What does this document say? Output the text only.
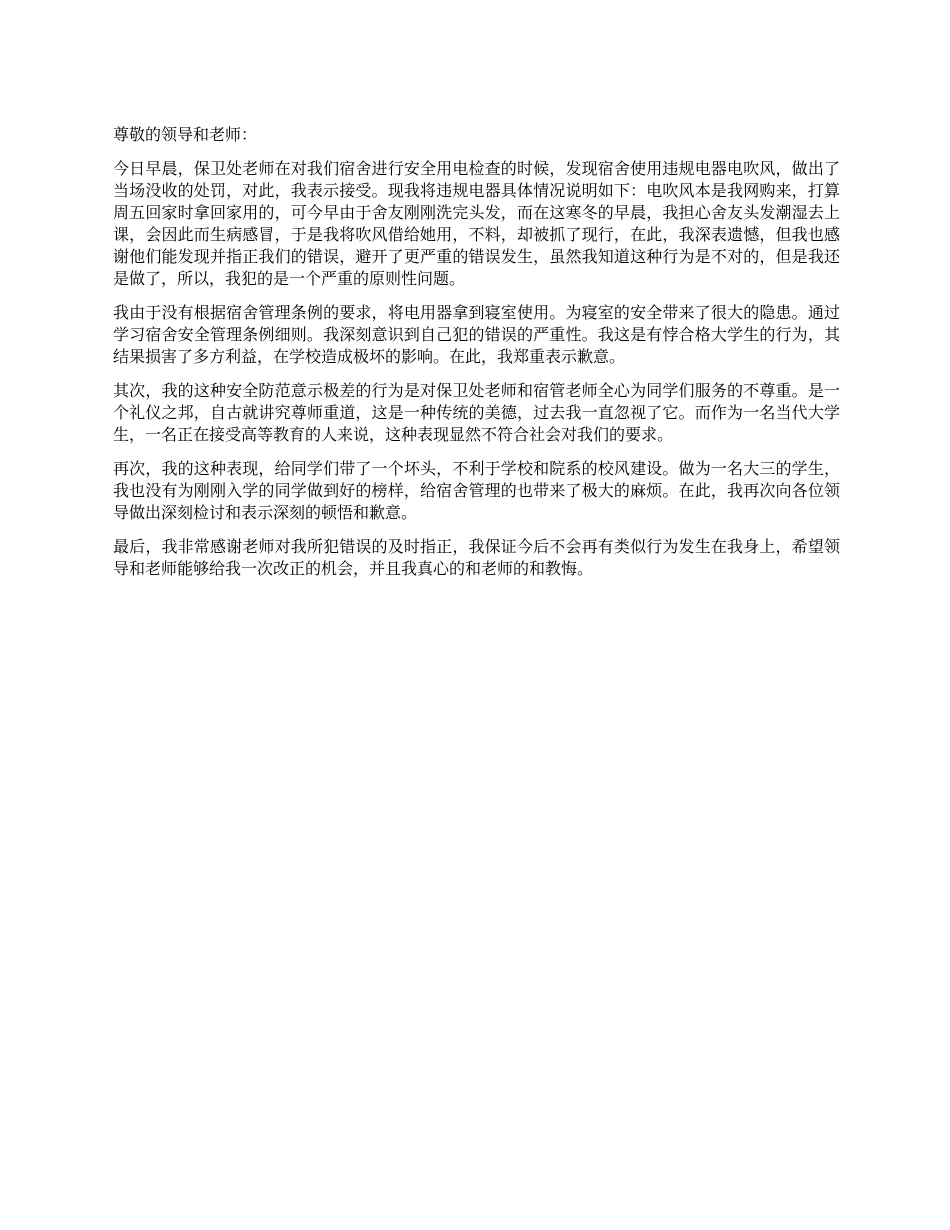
尊敬的领导和老师：

今日早晨，保卫处老师在对我们宿舍进行安全用电检查的时候，发现宿舍使用违规电器电吹风，做出了当场没收的处罚，对此，我表示接受。现我将违规电器具体情况说明如下：电吹风本是我网购来，打算周五回家时拿回家用的，可今早由于舍友刚刚洗完头发，而在这寒冬的早晨，我担心舍友头发潮湿去上课，会因此而生病感冒，于是我将吹风借给她用，不料，却被抓了现行，在此，我深表遗憾，但我也感谢他们能发现并指正我们的错误，避开了更严重的错误发生，虽然我知道这种行为是不对的，但是我还是做了，所以，我犯的是一个严重的原则性问题。

我由于没有根据宿舍管理条例的要求，将电用器拿到寝室使用。为寝室的安全带来了很大的隐患。通过学习宿舍安全管理条例细则。我深刻意识到自己犯的错误的严重性。我这是有悖合格大学生的行为，其结果损害了多方利益，在学校造成极坏的影响。在此，我郑重表示歉意。

其次，我的这种安全防范意示极差的行为是对保卫处老师和宿管老师全心为同学们服务的不尊重。是一个礼仪之邦，自古就讲究尊师重道，这是一种传统的美德，过去我一直忽视了它。而作为一名当代大学生，一名正在接受高等教育的人来说，这种表现显然不符合社会对我们的要求。

再次，我的这种表现，给同学们带了一个坏头，不利于学校和院系的校风建设。做为一名大三的学生，我也没有为刚刚入学的同学做到好的榜样，给宿舍管理的也带来了极大的麻烦。在此，我再次向各位领导做出深刻检讨和表示深刻的顿悟和歉意。

最后，我非常感谢老师对我所犯错误的及时指正，我保证今后不会再有类似行为发生在我身上，希望领导和老师能够给我一次改正的机会，并且我真心的和老师的和教悔。
